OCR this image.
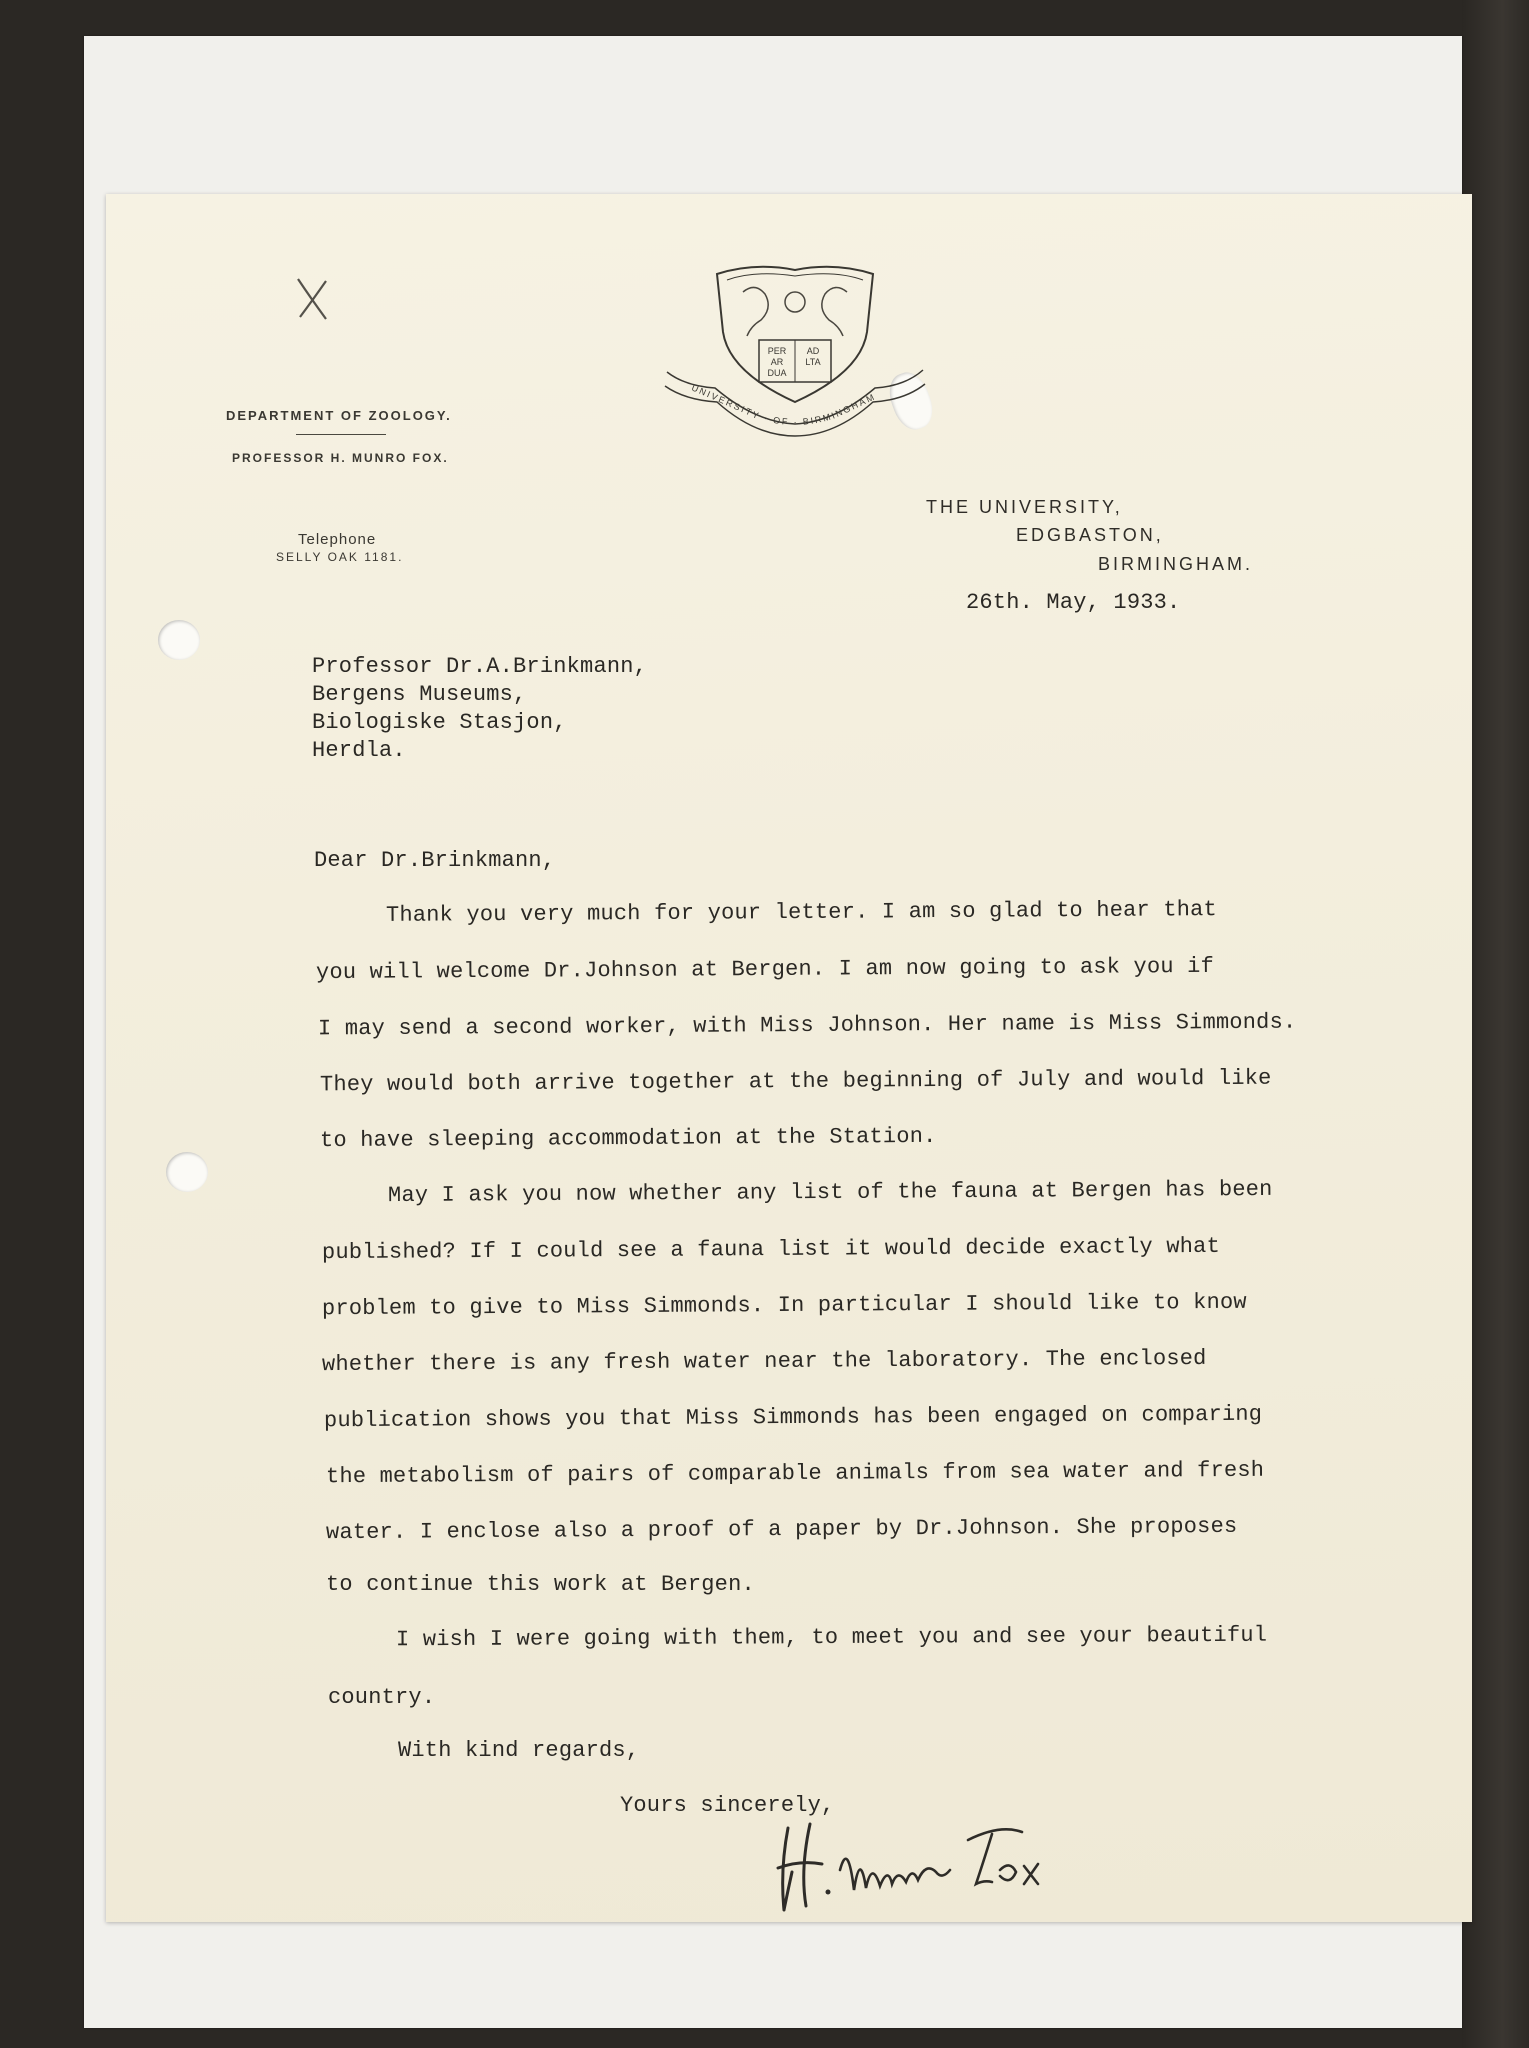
PER AD
AR LTA
DUA
UNIVERSITY · OF · BIRMINGHAM
DEPARTMENT OF ZOOLOGY.
PROFESSOR H. MUNRO FOX.
Telephone
SELLY OAK 1181.
THE UNIVERSITY,
EDGBASTON,
BIRMINGHAM.
26th. May, 1933.
Professor Dr.A.Brinkmann,
Bergens Museums,
Biologiske Stasjon,
Herdla.
Dear Dr.Brinkmann,
Thank you very much for your letter. I am so glad to hear that
you will welcome Dr.Johnson at Bergen. I am now going to ask you if
I may send a second worker, with Miss Johnson. Her name is Miss Simmonds.
They would both arrive together at the beginning of July and would like
to have sleeping accommodation at the Station.
May I ask you now whether any list of the fauna at Bergen has been
published? If I could see a fauna list it would decide exactly what
problem to give to Miss Simmonds. In particular I should like to know
whether there is any fresh water near the laboratory. The enclosed
publication shows you that Miss Simmonds has been engaged on comparing
the metabolism of pairs of comparable animals from sea water and fresh
water. I enclose also a proof of a paper by Dr.Johnson. She proposes
to continue this work at Bergen.
I wish I were going with them, to meet you and see your beautiful
country.
With kind regards,
Yours sincerely,
